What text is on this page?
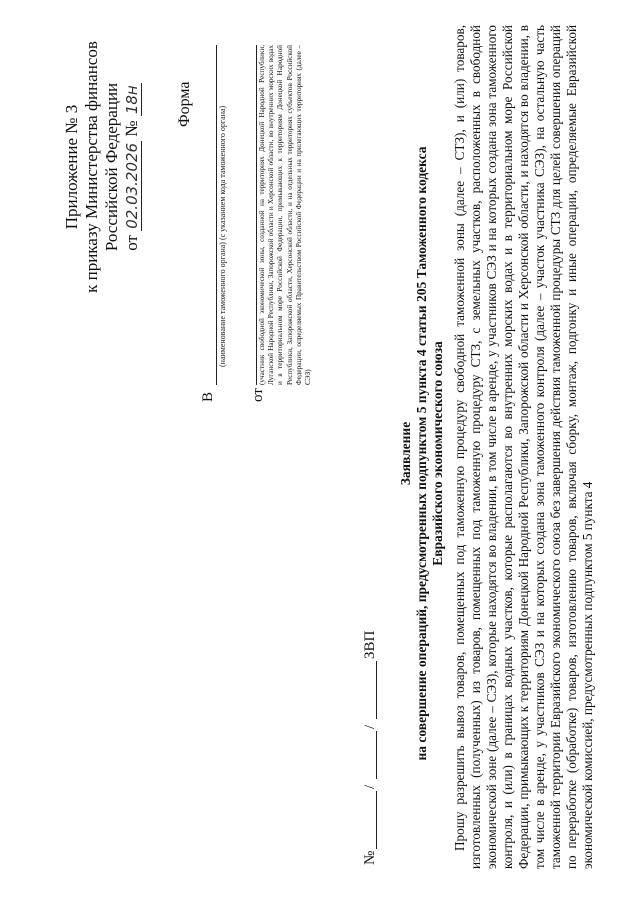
Приложение № 3 к приказу Министерства финансов Российской Федерации от 02.03.2026 № 18н Форма
В
(наименование таможенного органа) (с указанием кода таможенного органа)
от
(участник свободной экономической зоны, созданной на территориях Донецкой Народной Республики, Луганской Народной Республики, Запорожской области и Херсонской области, во внутренних морских водах и в территориальном море Российской Федерации, примыкающих к территориям Донецкой Народной Республики, Запорожской области, Херсонской области, и на отдельных территориях субъектов Российской Федерации, определяемых Правительством Российской Федерации и на прилегающих территориях (далее – СЭЗ)
№
/
/
ЗВП
Заявление на совершение операций, предусмотренных подпунктом 5 пункта 4 статьи 205 Таможенного кодекса Евразийского экономического союза Прошу разрешить вывоз товаров, помещенных под таможенную процедуру свободной таможенной зоны (далее – СТЗ), и (или) товаров, изготовленных (полученных) из товаров, помещенных под таможенную процедуру СТЗ, с земельных участков, расположенных в свободной экономической зоне (далее – СЭЗ), которые находятся во владении, в том числе в аренде, у участников СЭЗ и на которых создана зона таможенного контроля, и (или) в границах водных участков, которые располагаются во внутренних морских водах и в территориальном море Российской Федерации, примыкающих к территориям Донецкой Народной Республики, Запорожской области и Херсонской области, и находятся во владении, в том числе в аренде, у участников СЭЗ и на которых создана зона таможенного контроля (далее – участок участника СЭЗ), на остальную часть таможенной территории Евразийского экономического союза без завершения действия таможенной процедуры СТЗ для целей совершения операций по переработке (обработке) товаров, изготовлению товаров, включая сборку, монтаж, подгонку и иные операции, определяемые Евразийской экономической комиссией, предусмотренных подпунктом 5 пункта 4
